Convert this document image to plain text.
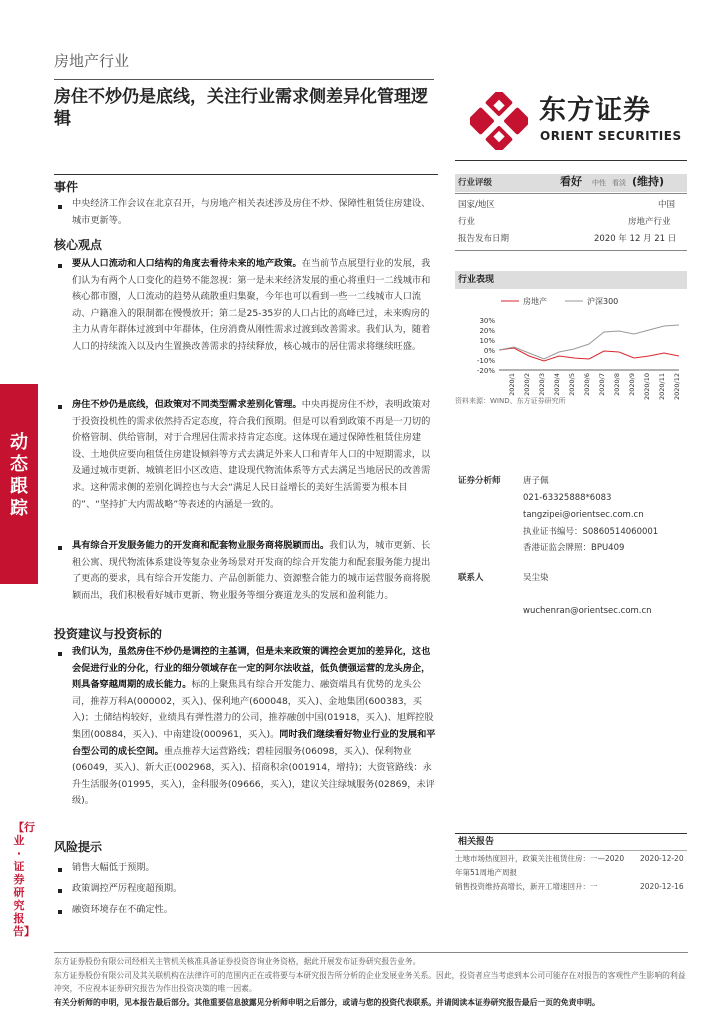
房地产行业
房住不炒仍是底线，关注行业需求侧差异化管理逻辑	东方证券
ORIENT SECURITIES
动态跟踪
【行业·证券研究报告】
事件
中央经济工作会议在北京召开，与房地产相关表述涉及房住不炒、保障性租赁住房建设、城市更新等。
核心观点
要从人口流动和人口结构的角度去看待未来的地产政策。在当前节点展望行业的发展，我们认为有两个人口变化的趋势不能忽视：第一是未来经济发展的重心将重归一二线城市和核心都市圈，人口流动的趋势从疏散重归集聚，今年也可以看到一些一二线城市人口流动、户籍准入的限制都在慢慢放开；第二是25-35岁的人口占比的高峰已过，未来购房的主力从青年群体过渡到中年群体，住房消费从刚性需求过渡到改善需求。我们认为，随着人口的持续流入以及内生置换改善需求的持续释放，核心城市的居住需求将继续旺盛。
房住不炒仍是底线，但政策对不同类型需求差别化管理。中央再提房住不炒，表明政策对于投资投机性的需求依然持否定态度，符合我们预期。但是可以看到政策不再是一刀切的价格管制、供给管制，对于合理居住需求持肯定态度。这体现在通过保障性租赁住房建设、土地供应要向租赁住房建设倾斜等方式去满足外来人口和青年人口的中短期需求，以及通过城市更新、城镇老旧小区改造、建设现代物流体系等方式去满足当地居民的改善需求。这种需求侧的差别化调控也与大会“满足人民日益增长的美好生活需要为根本目的”、“坚持扩大内需战略”等表述的内涵是一致的。
具有综合开发服务能力的开发商和配套物业服务商将脱颖而出。我们认为，城市更新、长租公寓、现代物流体系建设等复杂业务场景对开发商的综合开发能力和配套服务能力提出了更高的要求，具有综合开发能力、产品创新能力、资源整合能力的城市运营服务商将脱颖而出，我们积极看好城市更新、物业服务等细分赛道龙头的发展和盈利能力。
投资建议与投资标的
我们认为，虽然房住不炒仍是调控的主基调，但是未来政策的调控会更加的差异化，这也会促进行业的分化，行业的细分领域存在一定的阿尔法收益，低负债强运营的龙头房企，则具备穿越周期的成长能力。标的上聚焦具有综合开发能力、融资端具有优势的龙头公司，推荐万科A(000002，买入)、保利地产(600048，买入)、金地集团(600383，买入)；土储结构较好，业绩具有弹性潜力的公司，推荐融创中国(01918，买入)、旭辉控股集团(00884，买入)、中南建设(000961，买入)。同时我们继续看好物业行业的发展和平台型公司的成长空间。重点推荐大运营路线；碧桂园服务(06098，买入)、保利物业(06049，买入)、新大正(002968，买入)、招商积余(001914，增持)；大资管路线：永升生活服务(01995，买入)，金科服务(09666，买入)，建议关注绿城服务(02869，未评级)。
风险提示
销售大幅低于预期。
政策调控严厉程度超预期。
融资环境存在不确定性。
行业评级	看好 中性 看淡 (维持)
国家/地区	中国
行业	房地产行业
报告发布日期	2020 年 12 月 21 日
行业表现
房地产	沪深300
30%
20%
10%
0%
-10%
-20%
2020/1 2020/2 2020/3 2020/4 2020/5 2020/6 2020/7 2020/8 2020/9 2020/10 2020/11 2020/12
资料来源：WIND、东方证券研究所
证券分析师	唐子佩
021-63325888*6083
tangzipei@orientsec.com.cn
执业证书编号：S0860514060001
香港证监会牌照：BPU409
联系人	吴尘染
wuchenran@orientsec.com.cn
相关报告
土地市场热度回升，政策关注租赁住房：一—2020年第51周地产周报
2020-12-20
销售投资维持高增长，新开工增速回升：一	2020-12-16
东方证券股份有限公司经相关主管机关核准具备证券投资咨询业务资格，据此开展发布证券研究报告业务。
东方证券股份有限公司及其关联机构在法律许可的范围内正在或将要与本研究报告所分析的企业发展业务关系。因此，投资者应当考虑到本公司可能存在对报告的客观性产生影响的利益冲突，不应视本证券研究报告为作出投资决策的唯一因素。
有关分析师的申明，见本报告最后部分。其他重要信息披露见分析师申明之后部分，或请与您的投资代表联系。并请阅读本证券研究报告最后一页的免责申明。
